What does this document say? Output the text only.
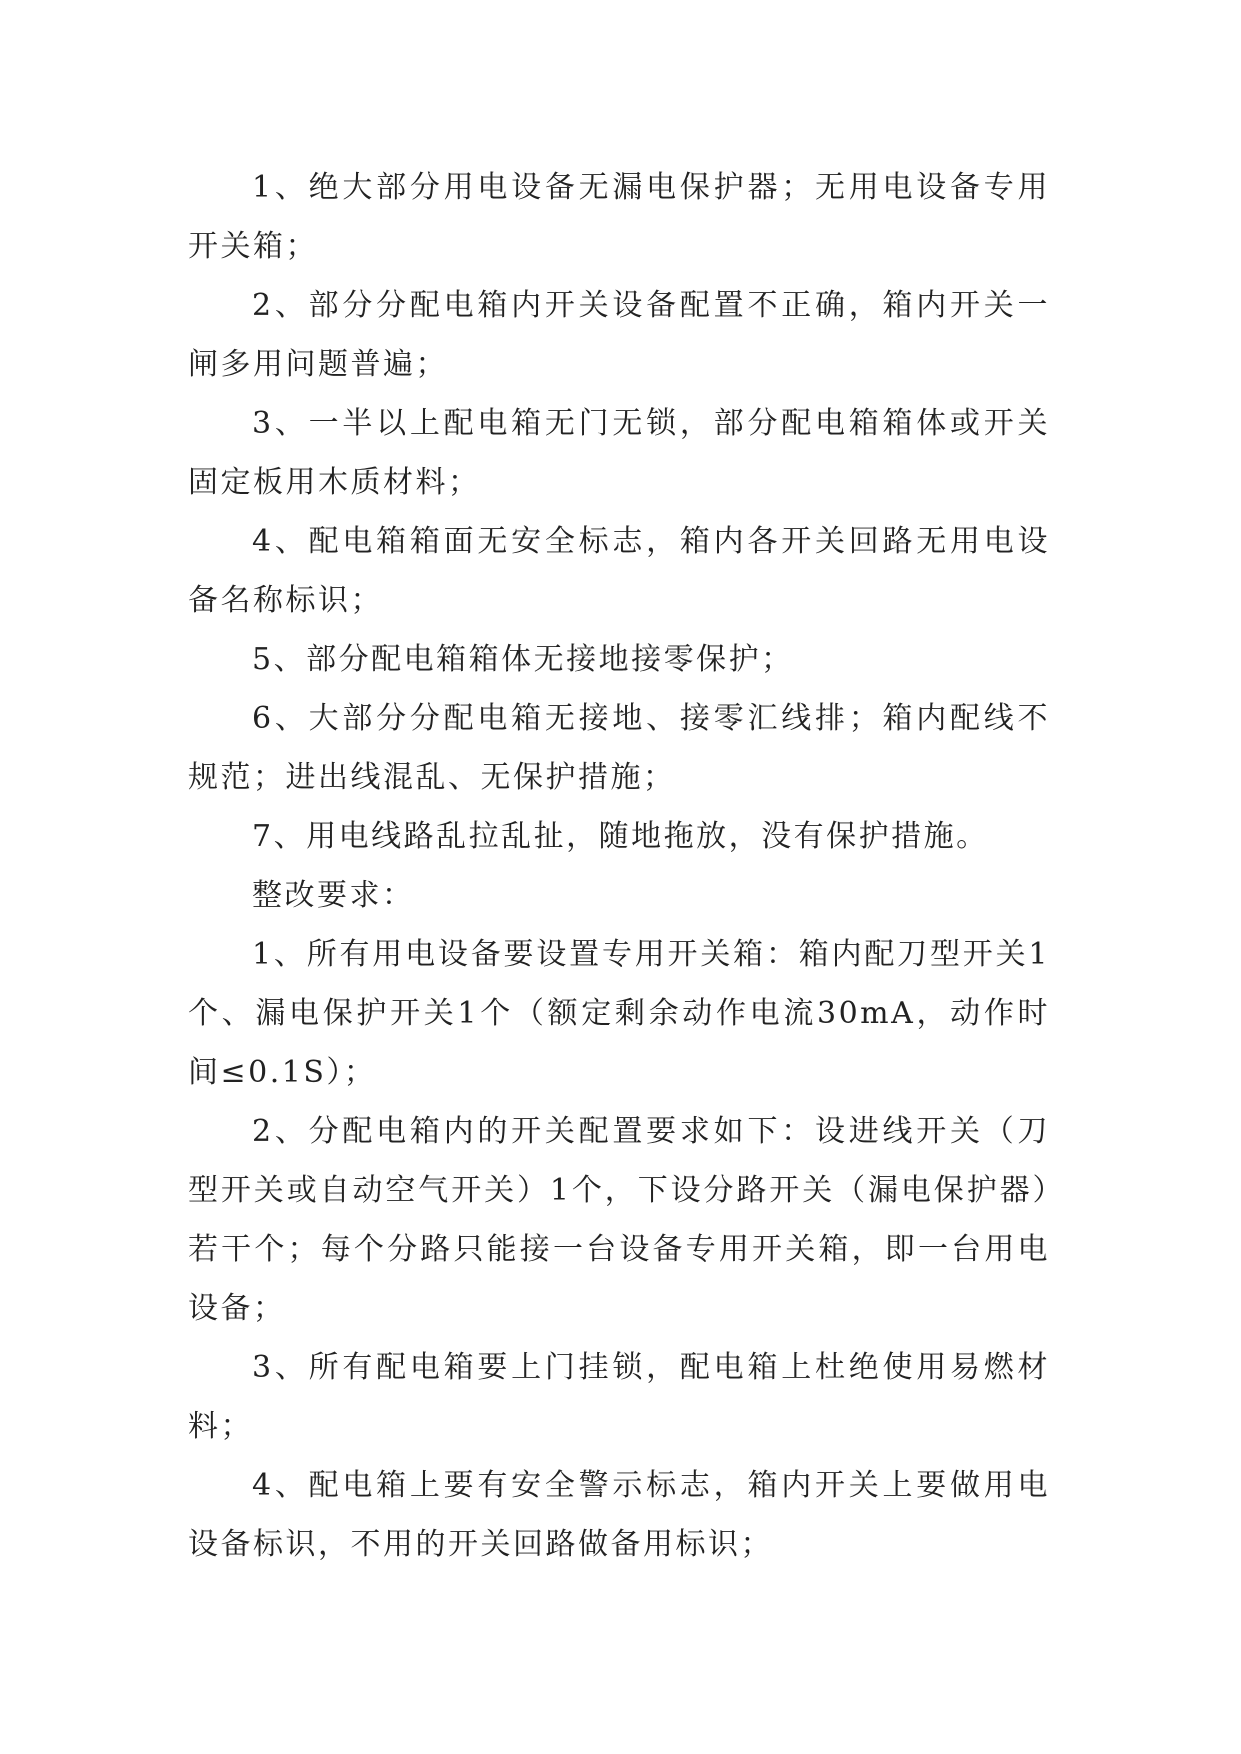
1、绝大部分用电设备无漏电保护器；无用电设备专用开关箱；

2、部分分配电箱内开关设备配置不正确，箱内开关一闸多用问题普遍；

3、一半以上配电箱无门无锁，部分配电箱箱体或开关固定板用木质材料；

4、配电箱箱面无安全标志，箱内各开关回路无用电设备名称标识；

5、部分配电箱箱体无接地接零保护；

6、大部分分配电箱无接地、接零汇线排；箱内配线不规范；进出线混乱、无保护措施；

7、用电线路乱拉乱扯，随地拖放，没有保护措施。

整改要求：

1、所有用电设备要设置专用开关箱：箱内配刀型开关1个、漏电保护开关1个（额定剩余动作电流30mA，动作时间≤0.1S）；

2、分配电箱内的开关配置要求如下：设进线开关（刀型开关或自动空气开关）1个，下设分路开关（漏电保护器）若干个；每个分路只能接一台设备专用开关箱，即一台用电设备；

3、所有配电箱要上门挂锁，配电箱上杜绝使用易燃材料；

4、配电箱上要有安全警示标志，箱内开关上要做用电设备标识，不用的开关回路做备用标识；
